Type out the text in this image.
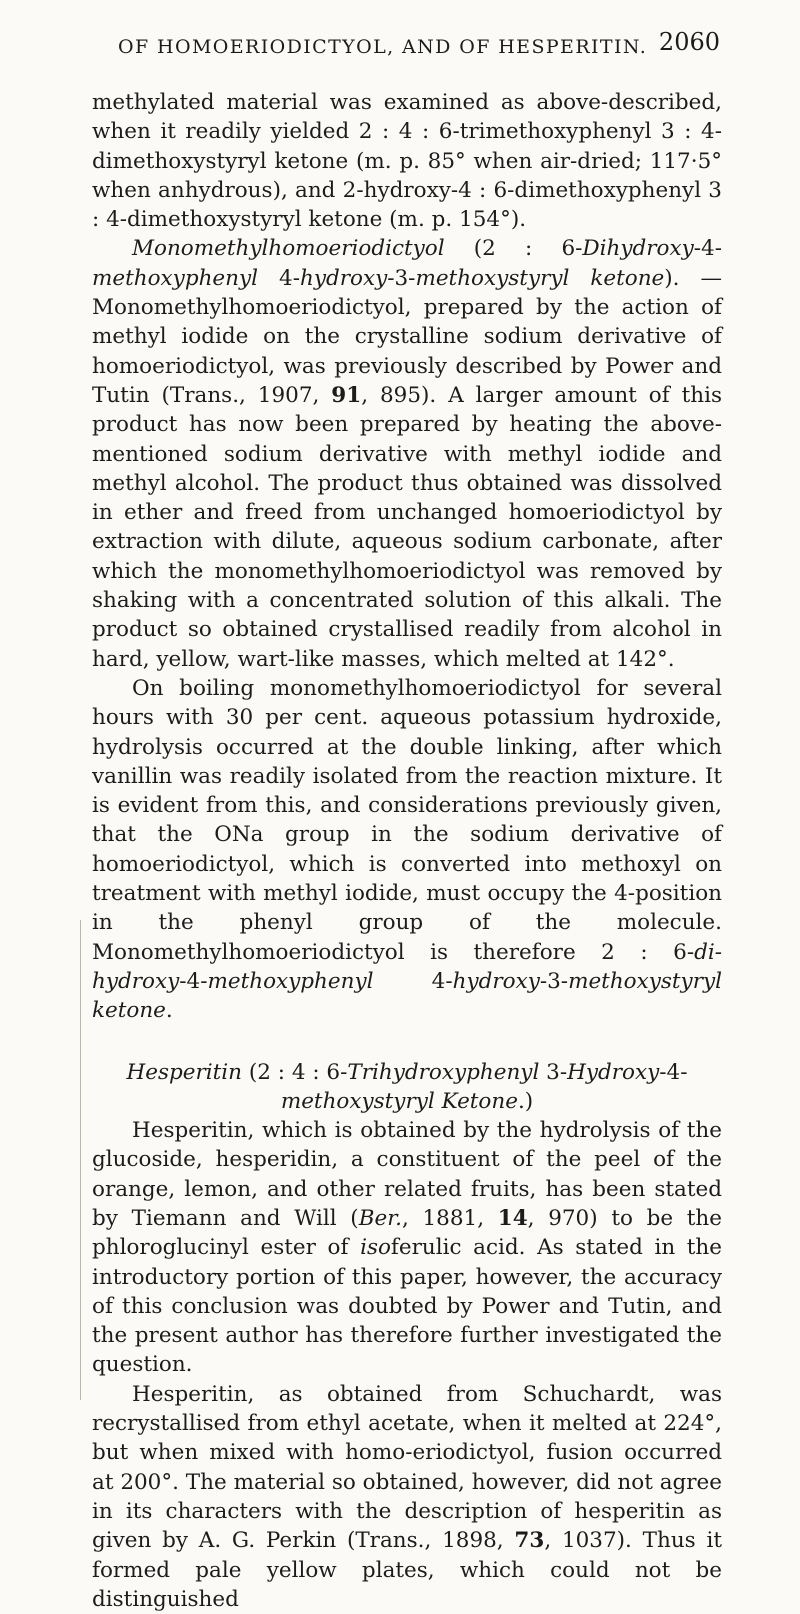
OF HOMOERIODICTYOL, AND OF HESPERITIN. 2060

methylated material was examined as above-described, when it readily yielded 2 : 4 : 6-trimethoxyphenyl 3 : 4-dimethoxystyryl ketone (m. p. 85° when air-dried; 117·5° when anhydrous), and 2-hydroxy-4 : 6-dimethoxyphenyl 3 : 4-dimethoxystyryl ketone (m. p. 154°).

Monomethylhomoeriodictyol (2 : 6-Dihydroxy-4-methoxyphenyl 4-hydroxy-3-methoxystyryl ketone). — Monomethylhomoeriodictyol, prepared by the action of methyl iodide on the crystalline sodium derivative of homoeriodictyol, was previously described by Power and Tutin (Trans., 1907, 91, 895). A larger amount of this product has now been prepared by heating the above-mentioned sodium derivative with methyl iodide and methyl alcohol. The product thus obtained was dissolved in ether and freed from unchanged homoeriodictyol by extraction with dilute, aqueous sodium carbonate, after which the monomethylhomoeriodictyol was removed by shaking with a concentrated solution of this alkali. The product so obtained crystallised readily from alcohol in hard, yellow, wart-like masses, which melted at 142°.

On boiling monomethylhomoeriodictyol for several hours with 30 per cent. aqueous potassium hydroxide, hydrolysis occurred at the double linking, after which vanillin was readily isolated from the reaction mixture. It is evident from this, and considerations previously given, that the ONa group in the sodium derivative of homoeriodictyol, which is converted into methoxyl on treatment with methyl iodide, must occupy the 4-position in the phenyl group of the molecule. Monomethylhomoeriodictyol is therefore 2 : 6-di-hydroxy-4-methoxyphenyl 4-hydroxy-3-methoxystyryl ketone.

Hesperitin (2 : 4 : 6-Trihydroxyphenyl 3-Hydroxy-4-methoxystyryl Ketone.)

Hesperitin, which is obtained by the hydrolysis of the glucoside, hesperidin, a constituent of the peel of the orange, lemon, and other related fruits, has been stated by Tiemann and Will (Ber., 1881, 14, 970) to be the phloroglucinyl ester of isoferulic acid. As stated in the introductory portion of this paper, however, the accuracy of this conclusion was doubted by Power and Tutin, and the present author has therefore further investigated the question.

Hesperitin, as obtained from Schuchardt, was recrystallised from ethyl acetate, when it melted at 224°, but when mixed with homo-eriodictyol, fusion occurred at 200°. The material so obtained, however, did not agree in its characters with the description of hesperitin as given by A. G. Perkin (Trans., 1898, 73, 1037). Thus it formed pale yellow plates, which could not be distinguished
